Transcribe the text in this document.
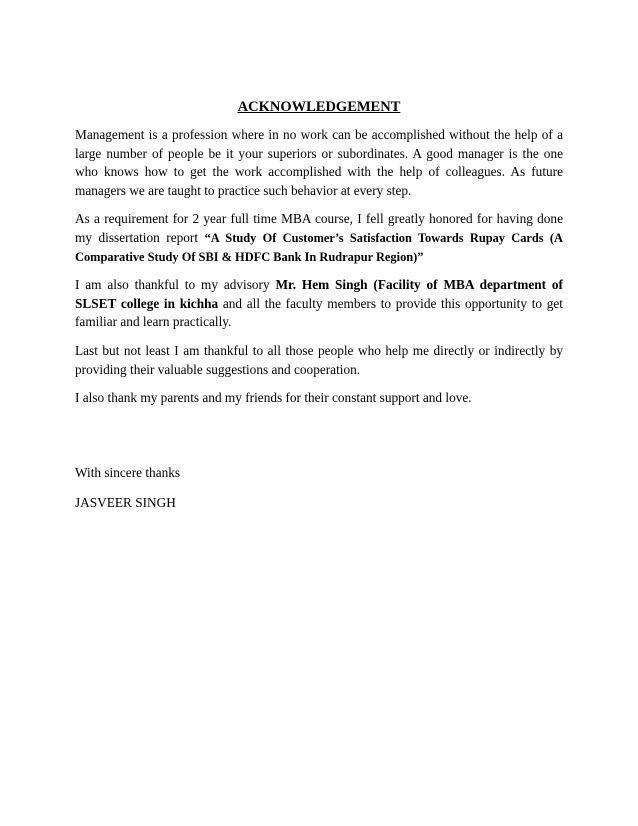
ACKNOWLEDGEMENT

Management is a profession where in no work can be accomplished without the help of a large number of people be it your superiors or subordinates. A good manager is the one who knows how to get the work accomplished with the help of colleagues. As future managers we are taught to practice such behavior at every step.

As a requirement for 2 year full time MBA course, I fell greatly honored for having done my dissertation report “A Study Of Customer’s Satisfaction Towards Rupay Cards (A Comparative Study Of SBI & HDFC Bank In Rudrapur Region)”

I am also thankful to my advisory Mr. Hem Singh (Facility of MBA department of SLSET college in kichha and all the faculty members to provide this opportunity to get familiar and learn practically.

Last but not least I am thankful to all those people who help me directly or indirectly by providing their valuable suggestions and cooperation.

I also thank my parents and my friends for their constant support and love.

With sincere thanks

JASVEER SINGH
